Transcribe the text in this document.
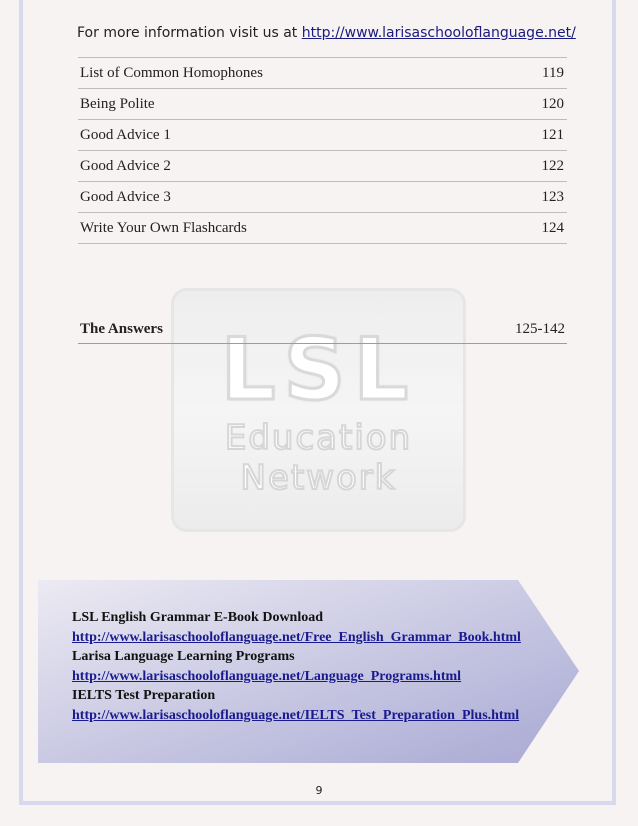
For more information visit us at http://www.larisaschooloflanguage.net/
List of Common Homophones	119
Being Polite	120
Good Advice 1	121
Good Advice 2	122
Good Advice 3	123
Write Your Own Flashcards	124
LSL
Education
Network
The Answers	125-142
LSL English Grammar E-Book Download
http://www.larisaschooloflanguage.net/Free_English_Grammar_Book.html
Larisa Language Learning Programs
http://www.larisaschooloflanguage.net/Language_Programs.html
IELTS Test Preparation
http://www.larisaschooloflanguage.net/IELTS_Test_Preparation_Plus.html
9
